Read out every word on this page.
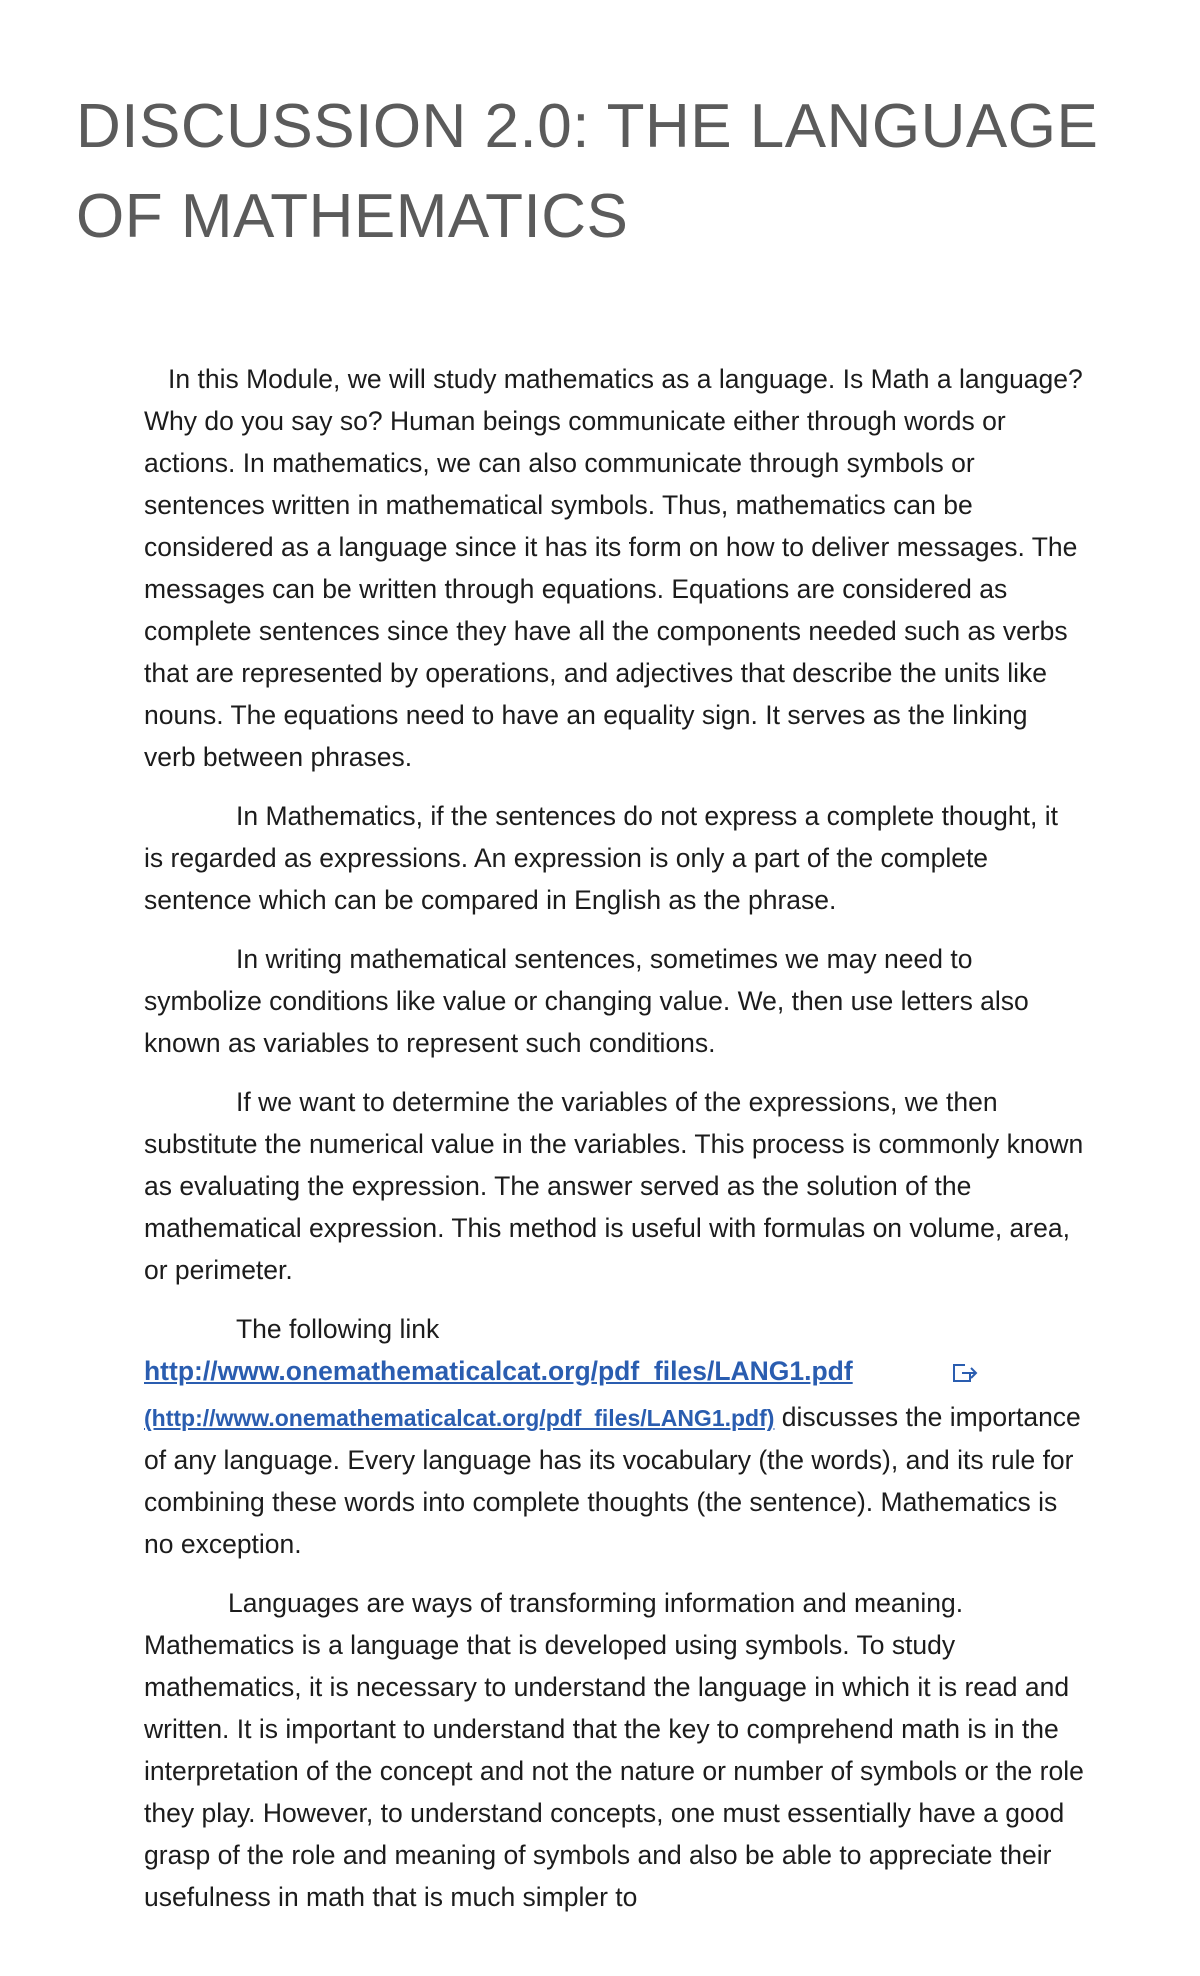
DISCUSSION 2.0: THE LANGUAGE OF MATHEMATICS

In this Module, we will study mathematics as a language. Is Math a language? Why do you say so? Human beings communicate either through words or actions. In mathematics, we can also communicate through symbols or sentences written in mathematical symbols. Thus, mathematics can be considered as a language since it has its form on how to deliver messages. The messages can be written through equations. Equations are considered as complete sentences since they have all the components needed such as verbs that are represented by operations, and adjectives that describe the units like nouns. The equations need to have an equality sign. It serves as the linking verb between phrases.

In Mathematics, if the sentences do not express a complete thought, it is regarded as expressions. An expression is only a part of the complete sentence which can be compared in English as the phrase.

In writing mathematical sentences, sometimes we may need to symbolize conditions like value or changing value. We, then use letters also known as variables to represent such conditions.

If we want to determine the variables of the expressions, we then substitute the numerical value in the variables. This process is commonly known as evaluating the expression. The answer served as the solution of the mathematical expression. This method is useful with formulas on volume, area, or perimeter.

The following link
http://www.onemathematicalcat.org/pdf_files/LANG1.pdf
(http://www.onemathematicalcat.org/pdf_files/LANG1.pdf) discusses the importance of any language. Every language has its vocabulary (the words), and its rule for combining these words into complete thoughts (the sentence). Mathematics is no exception.

Languages are ways of transforming information and meaning. Mathematics is a language that is developed using symbols. To study mathematics, it is necessary to understand the language in which it is read and written. It is important to understand that the key to comprehend math is in the interpretation of the concept and not the nature or number of symbols or the role they play. However, to understand concepts, one must essentially have a good grasp of the role and meaning of symbols and also be able to appreciate their usefulness in math that is much simpler to
